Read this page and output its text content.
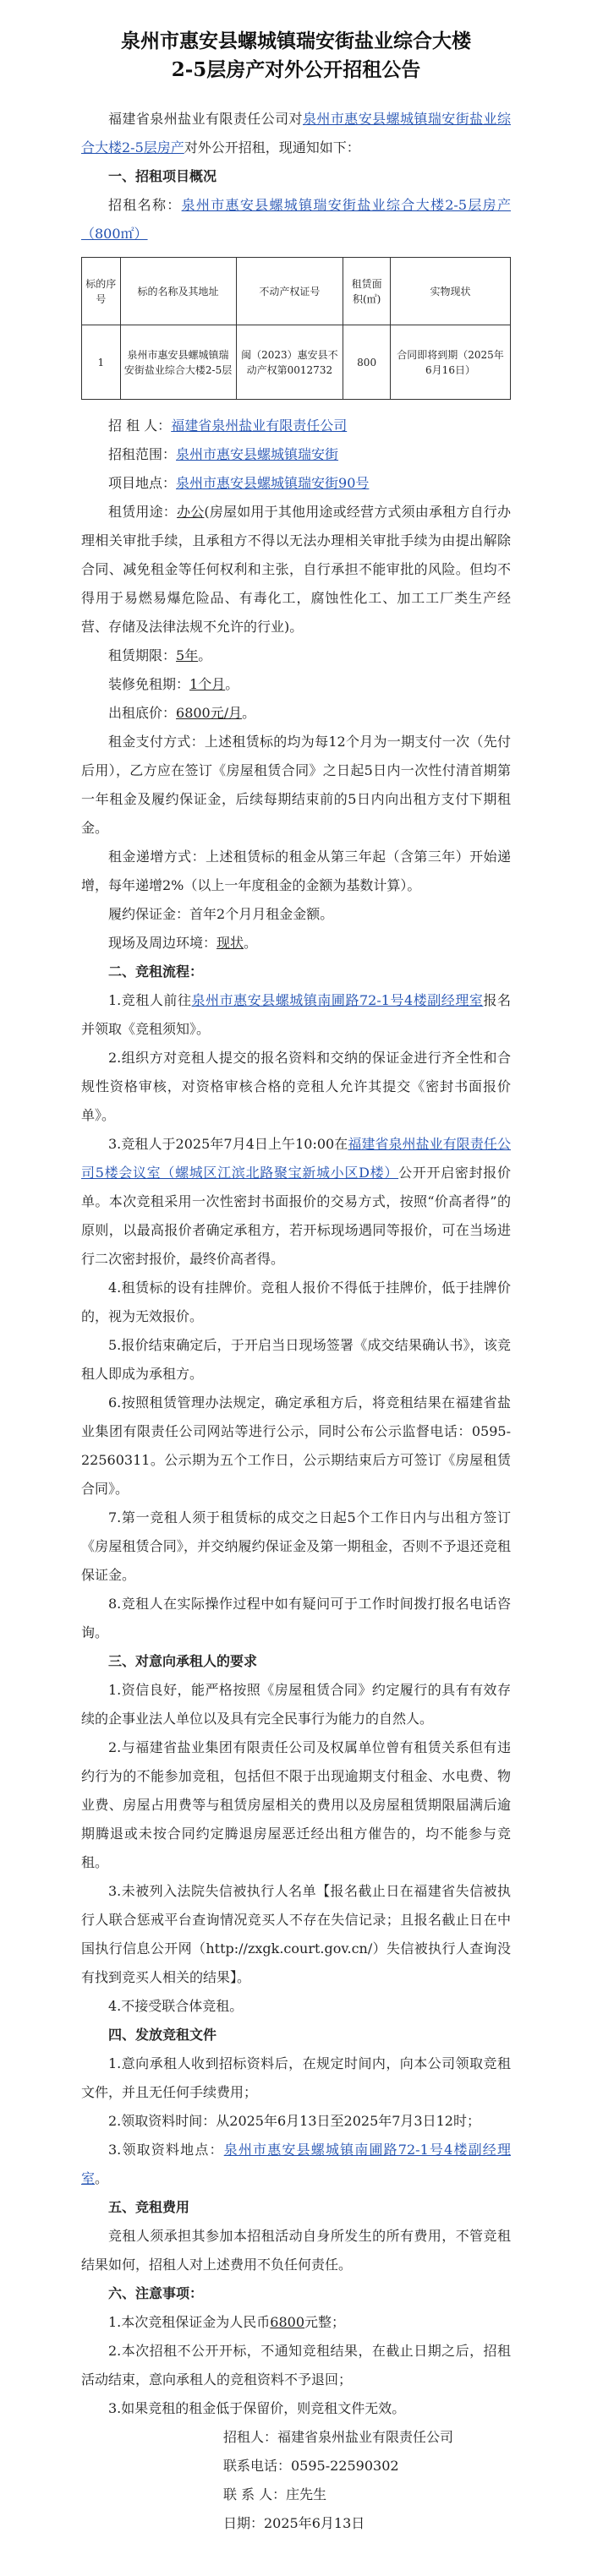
泉州市惠安县螺城镇瑞安街盐业综合大楼
2-5层房产对外公开招租公告

福建省泉州盐业有限责任公司对泉州市惠安县螺城镇瑞安街盐业综合大楼2-5层房产对外公开招租，现通知如下：

一、招租项目概况

招租名称：泉州市惠安县螺城镇瑞安街盐业综合大楼2-5层房产（800㎡）

标的序号	标的名称及其地址	不动产权证号	租赁面积(㎡)	实物现状
1	泉州市惠安县螺城镇瑞安街盐业综合大楼2-5层	闽（2023）惠安县不动产权第0012732	800	合同即将到期（2025年6月16日）

招 租 人：福建省泉州盐业有限责任公司

招租范围：泉州市惠安县螺城镇瑞安街

项目地点：泉州市惠安县螺城镇瑞安街90号

租赁用途：办公(房屋如用于其他用途或经营方式须由承租方自行办理相关审批手续，且承租方不得以无法办理相关审批手续为由提出解除合同、减免租金等任何权利和主张，自行承担不能审批的风险。但均不得用于易燃易爆危险品、有毒化工，腐蚀性化工、加工工厂类生产经营、存储及法律法规不允许的行业)。

租赁期限：5年。

装修免租期：1个月。

出租底价：6800元/月。

租金支付方式：上述租赁标的均为每12个月为一期支付一次（先付后用），乙方应在签订《房屋租赁合同》之日起5日内一次性付清首期第一年租金及履约保证金，后续每期结束前的5日内向出租方支付下期租金。

租金递增方式：上述租赁标的租金从第三年起（含第三年）开始递增，每年递增2%（以上一年度租金的金额为基数计算）。

履约保证金：首年2个月月租金金额。

现场及周边环境：现状。

二、竞租流程：

1.竞租人前往泉州市惠安县螺城镇南圃路72-1号4楼副经理室报名并领取《竞租须知》。

2.组织方对竞租人提交的报名资料和交纳的保证金进行齐全性和合规性资格审核，对资格审核合格的竞租人允许其提交《密封书面报价单》。

3.竞租人于2025年7月4日上午10:00在福建省泉州盐业有限责任公司5楼会议室（螺城区江滨北路聚宝新城小区D楼）公开开启密封报价单。本次竞租采用一次性密封书面报价的交易方式，按照“价高者得”的原则，以最高报价者确定承租方，若开标现场遇同等报价，可在当场进行二次密封报价，最终价高者得。

4.租赁标的设有挂牌价。竞租人报价不得低于挂牌价，低于挂牌价的，视为无效报价。

5.报价结束确定后，于开启当日现场签署《成交结果确认书》，该竞租人即成为承租方。

6.按照租赁管理办法规定，确定承租方后，将竞租结果在福建省盐业集团有限责任公司网站等进行公示，同时公布公示监督电话：0595-22560311。公示期为五个工作日，公示期结束后方可签订《房屋租赁合同》。

7.第一竞租人须于租赁标的成交之日起5个工作日内与出租方签订《房屋租赁合同》，并交纳履约保证金及第一期租金，否则不予退还竞租保证金。

8.竞租人在实际操作过程中如有疑问可于工作时间拨打报名电话咨询。

三、对意向承租人的要求

1.资信良好，能严格按照《房屋租赁合同》约定履行的具有有效存续的企事业法人单位以及具有完全民事行为能力的自然人。

2.与福建省盐业集团有限责任公司及权属单位曾有租赁关系但有违约行为的不能参加竞租，包括但不限于出现逾期支付租金、水电费、物业费、房屋占用费等与租赁房屋相关的费用以及房屋租赁期限届满后逾期腾退或未按合同约定腾退房屋恶迁经出租方催告的，均不能参与竞租。

3.未被列入法院失信被执行人名单【报名截止日在福建省失信被执行人联合惩戒平台查询情况竞买人不存在失信记录；且报名截止日在中国执行信息公开网（http://zxgk.court.gov.cn/）失信被执行人查询没有找到竞买人相关的结果】。

4.不接受联合体竞租。

四、发放竞租文件

1.意向承租人收到招标资料后，在规定时间内，向本公司领取竞租文件，并且无任何手续费用；

2.领取资料时间：从2025年6月13日至2025年7月3日12时；

3.领取资料地点：泉州市惠安县螺城镇南圃路72-1号4楼副经理室。

五、竞租费用

竞租人须承担其参加本招租活动自身所发生的所有费用，不管竞租结果如何，招租人对上述费用不负任何责任。

六、注意事项：

1.本次竞租保证金为人民币6800元整；

2.本次招租不公开开标，不通知竞租结果，在截止日期之后，招租活动结束，意向承租人的竞租资料不予退回；

3.如果竞租的租金低于保留价，则竞租文件无效。

招租人：福建省泉州盐业有限责任公司

联系电话：0595-22590302

联 系 人：庄先生

日期：2025年6月13日
